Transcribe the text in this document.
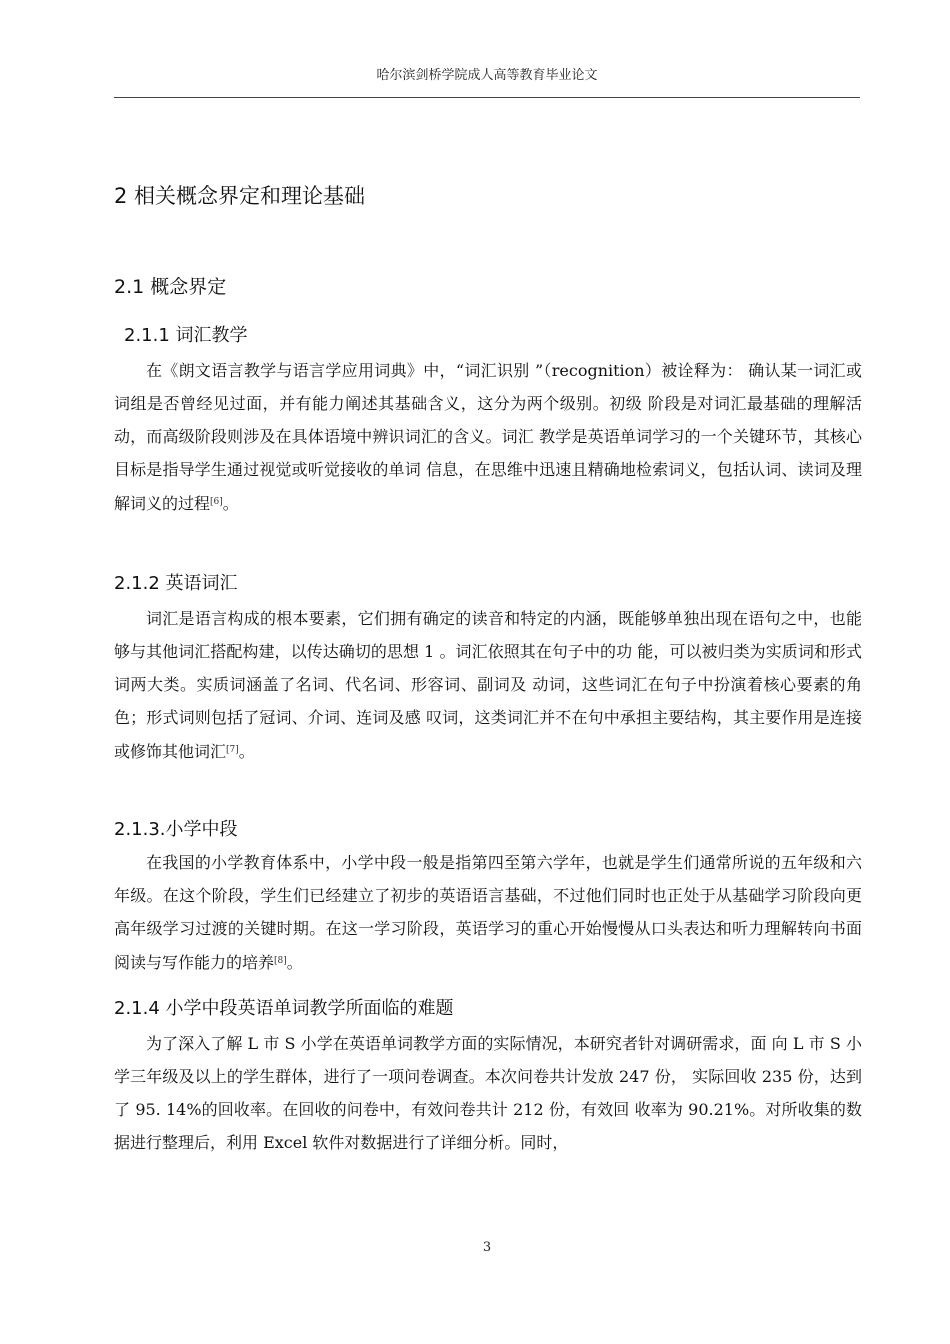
哈尔滨剑桥学院成人高等教育毕业论文
2 相关概念界定和理论基础
2.1 概念界定
2.1.1 词汇教学

在《朗文语言教学与语言学应用词典》中，“词汇识别 ”（recognition）被诠释为： 确认某一词汇或词组是否曾经见过面，并有能力阐述其基础含义，这分为两个级别。初级 阶段是对词汇最基础的理解活动，而高级阶段则涉及在具体语境中辨识词汇的含义。词汇 教学是英语单词学习的一个关键环节，其核心目标是指导学生通过视觉或听觉接收的单词 信息，在思维中迅速且精确地检索词义，包括认词、读词及理解词义的过程[6]。

2.1.2 英语词汇

词汇是语言构成的根本要素，它们拥有确定的读音和特定的内涵，既能够单独出现在语句之中，也能够与其他词汇搭配构建，以传达确切的思想 1 。词汇依照其在句子中的功 能，可以被归类为实质词和形式词两大类。实质词涵盖了名词、代名词、形容词、副词及 动词，这些词汇在句子中扮演着核心要素的角色；形式词则包括了冠词、介词、连词及感 叹词，这类词汇并不在句中承担主要结构，其主要作用是连接或修饰其他词汇[7]。

2.1.3.小学中段

在我国的小学教育体系中，小学中段一般是指第四至第六学年，也就是学生们通常所说的五年级和六年级。在这个阶段，学生们已经建立了初步的英语语言基础，不过他们同时也正处于从基础学习阶段向更高年级学习过渡的关键时期。在这一学习阶段，英语学习的重心开始慢慢从口头表达和听力理解转向书面阅读与写作能力的培养[8]。

2.1.4 小学中段英语单词教学所面临的难题

为了深入了解 L 市 S 小学在英语单词教学方面的实际情况，本研究者针对调研需求，面 向 L 市 S 小学三年级及以上的学生群体，进行了一项问卷调查。本次问卷共计发放 247 份， 实际回收 235 份，达到了 95. 14%的回收率。在回收的问卷中，有效问卷共计 212 份，有效回 收率为 90.21%。对所收集的数据进行整理后，利用 Excel 软件对数据进行了详细分析。同时，

3
